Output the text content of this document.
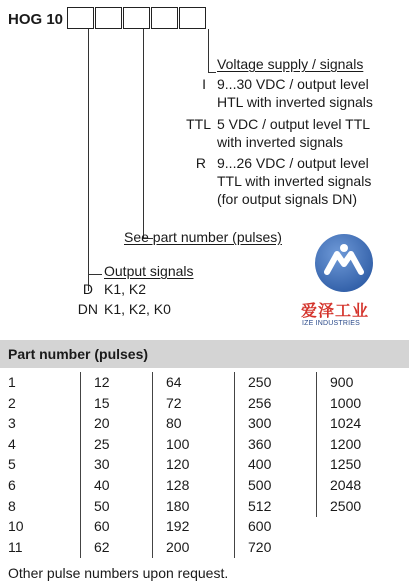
HOG 10
Voltage supply / signals
I 9...30 VDC / output level
HTL with inverted signals
TTL 5 VDC / output level TTL
with inverted signals
R 9...26 VDC / output level
TTL with inverted signals
(for output signals DN)
See part number (pulses)
Output signals
D K1, K2
DN K1, K2, K0	爱泽工业
IZE INDUSTRIES
Part number (pulses)
1
2
3
4
5
6
8
10
11
12
15
20
25
30
40
50
60
62
64
72
80
100
120
128
180
192
200
250
256
300
360
400
500
512
600
720
900
1000
1024
1200
1250
2048
2500
Other pulse numbers upon request.
